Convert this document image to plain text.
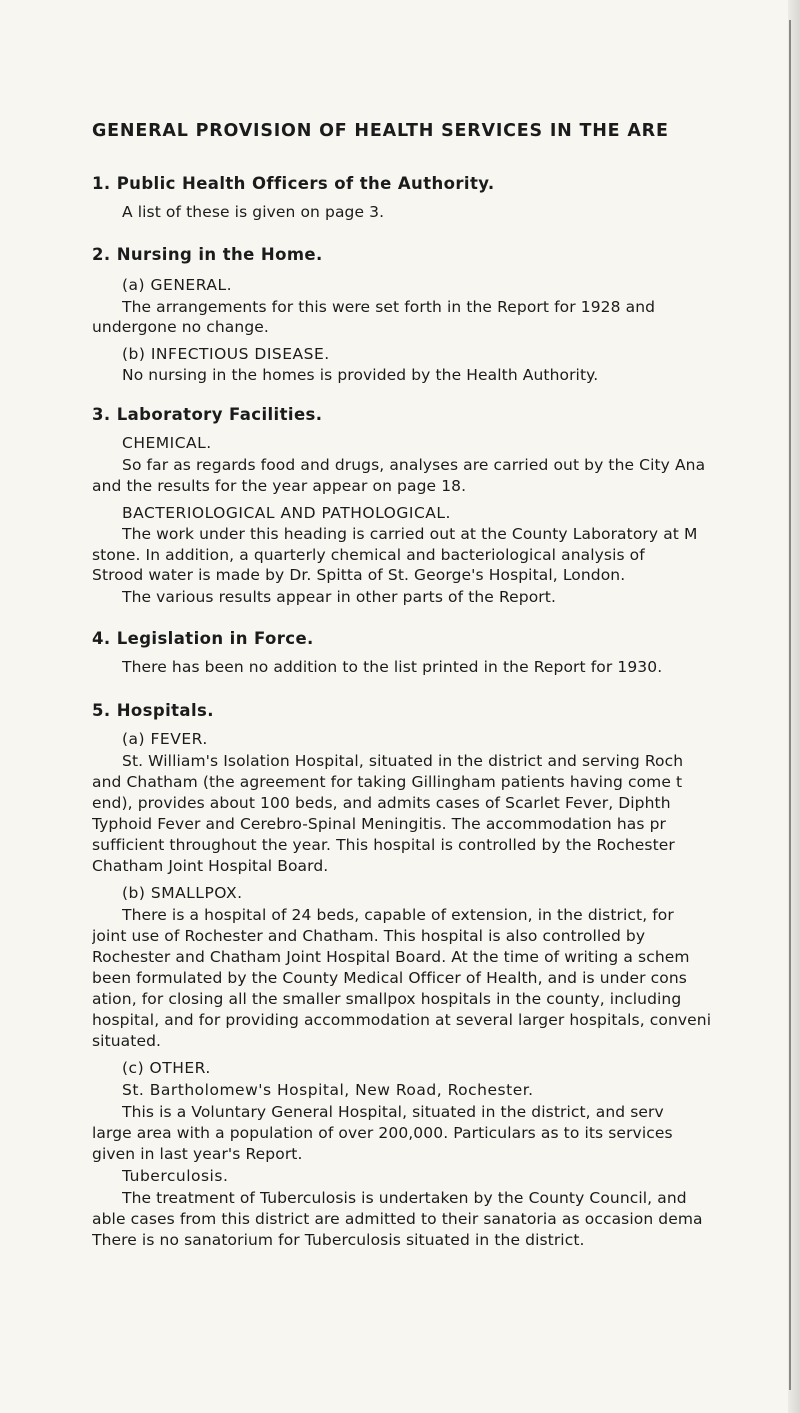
GENERAL PROVISION OF HEALTH SERVICES IN THE ARE
1. Public Health Officers of the Authority.
A list of these is given on page 3.
2. Nursing in the Home.
(a) GENERAL.
The arrangements for this were set forth in the Report for 1928 and
undergone no change.
(b) INFECTIOUS DISEASE.
No nursing in the homes is provided by the Health Authority.
3. Laboratory Facilities.
CHEMICAL.
So far as regards food and drugs, analyses are carried out by the City Ana
and the results for the year appear on page 18.
BACTERIOLOGICAL AND PATHOLOGICAL.
The work under this heading is carried out at the County Laboratory at M
stone. In addition, a quarterly chemical and bacteriological analysis of
Strood water is made by Dr. Spitta of St. George's Hospital, London.
The various results appear in other parts of the Report.
4. Legislation in Force.
There has been no addition to the list printed in the Report for 1930.
5. Hospitals.
(a) FEVER.
St. William's Isolation Hospital, situated in the district and serving Roch
and Chatham (the agreement for taking Gillingham patients having come t
end), provides about 100 beds, and admits cases of Scarlet Fever, Diphth
Typhoid Fever and Cerebro-Spinal Meningitis. The accommodation has pr
sufficient throughout the year. This hospital is controlled by the Rochester
Chatham Joint Hospital Board.
(b) SMALLPOX.
There is a hospital of 24 beds, capable of extension, in the district, for
joint use of Rochester and Chatham. This hospital is also controlled by
Rochester and Chatham Joint Hospital Board. At the time of writing a schem
been formulated by the County Medical Officer of Health, and is under cons
ation, for closing all the smaller smallpox hospitals in the county, including
hospital, and for providing accommodation at several larger hospitals, conveni
situated.
(c) OTHER.
St. Bartholomew's Hospital, New Road, Rochester.
This is a Voluntary General Hospital, situated in the district, and serv
large area with a population of over 200,000. Particulars as to its services
given in last year's Report.
Tuberculosis.
The treatment of Tuberculosis is undertaken by the County Council, and
able cases from this district are admitted to their sanatoria as occasion dema
There is no sanatorium for Tuberculosis situated in the district.
